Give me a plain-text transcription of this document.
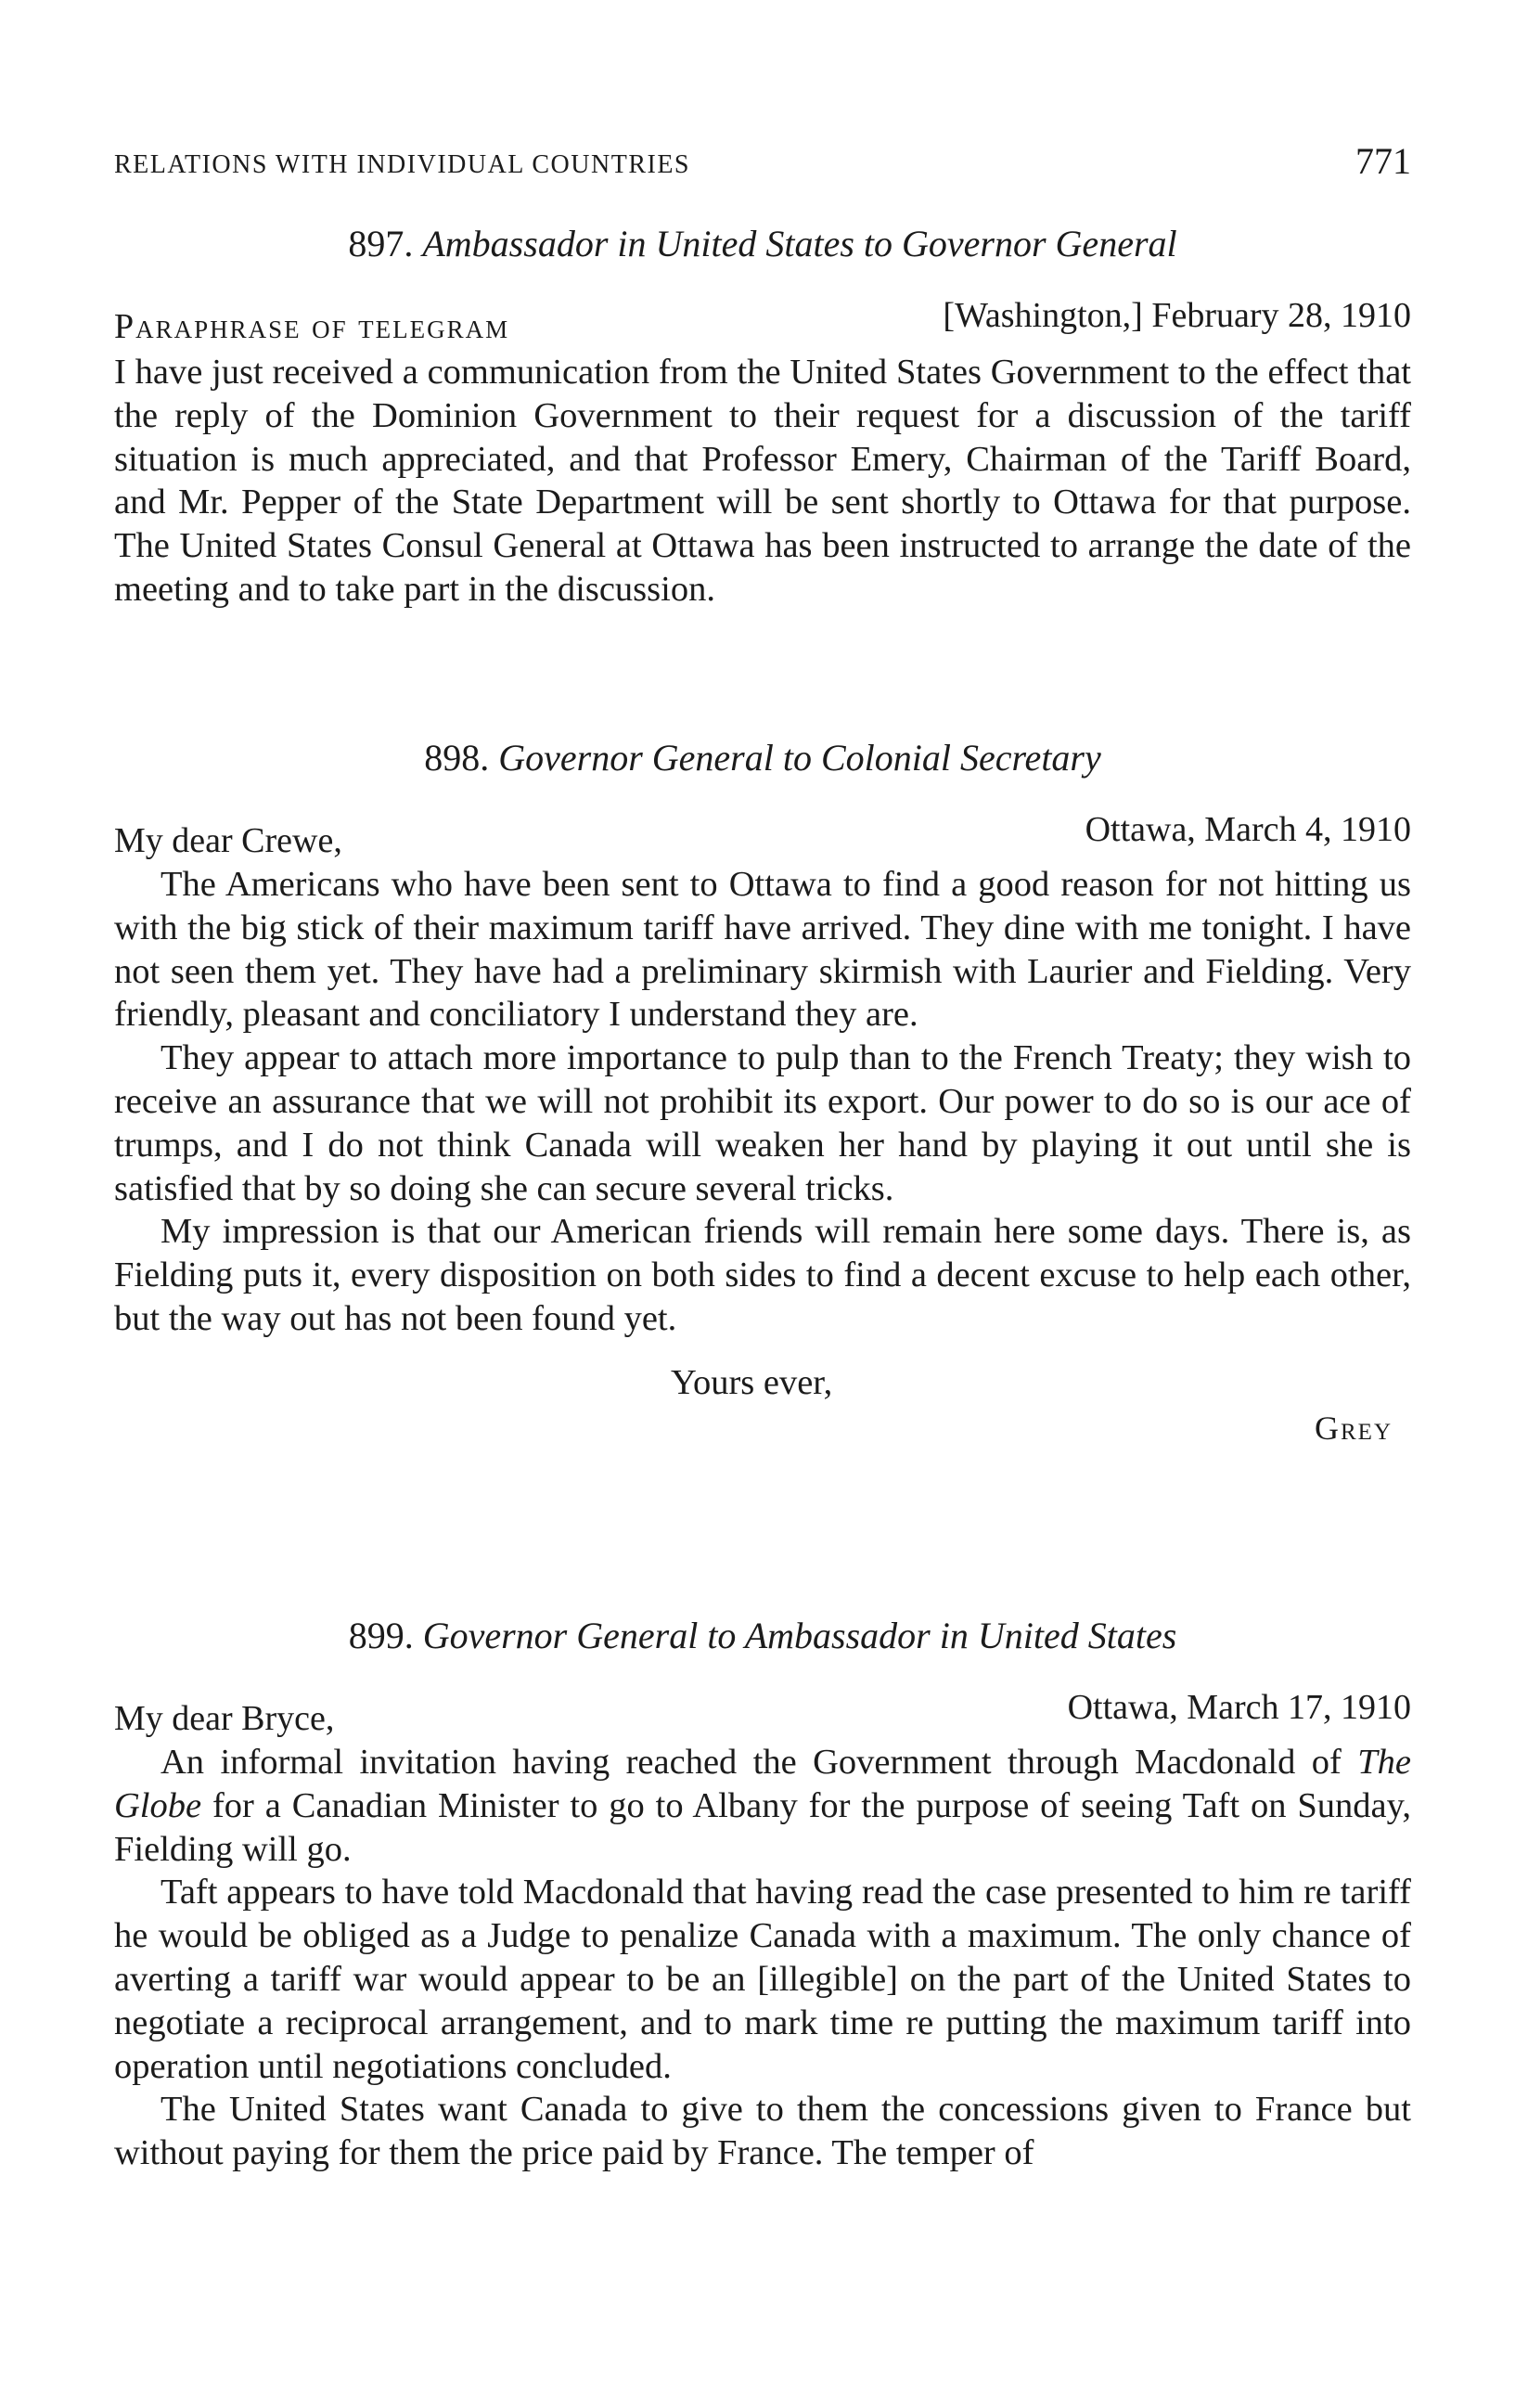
RELATIONS WITH INDIVIDUAL COUNTRIES	771

897. Ambassador in United States to Governor General

Paraphrase of telegram	[Washington,] February 28, 1910

I have just received a communication from the United States Government to the effect that the reply of the Dominion Government to their request for a discussion of the tariff situation is much appreciated, and that Professor Emery, Chairman of the Tariff Board, and Mr. Pepper of the State Department will be sent shortly to Ottawa for that purpose. The United States Consul General at Ottawa has been instructed to arrange the date of the meeting and to take part in the discussion.

898. Governor General to Colonial Secretary

My dear Crewe,	Ottawa, March 4, 1910

The Americans who have been sent to Ottawa to find a good reason for not hitting us with the big stick of their maximum tariff have arrived. They dine with me tonight. I have not seen them yet. They have had a preliminary skirmish with Laurier and Fielding. Very friendly, pleasant and conciliatory I understand they are.

They appear to attach more importance to pulp than to the French Treaty; they wish to receive an assurance that we will not prohibit its export. Our power to do so is our ace of trumps, and I do not think Canada will weaken her hand by playing it out until she is satisfied that by so doing she can secure several tricks.

My impression is that our American friends will remain here some days. There is, as Fielding puts it, every disposition on both sides to find a decent excuse to help each other, but the way out has not been found yet.

Yours ever,

Grey

899. Governor General to Ambassador in United States

My dear Bryce,	Ottawa, March 17, 1910

An informal invitation having reached the Government through Macdonald of The Globe for a Canadian Minister to go to Albany for the purpose of seeing Taft on Sunday, Fielding will go.

Taft appears to have told Macdonald that having read the case presented to him re tariff he would be obliged as a Judge to penalize Canada with a maximum. The only chance of averting a tariff war would appear to be an [illegible] on the part of the United States to negotiate a reciprocal arrangement, and to mark time re putting the maximum tariff into operation until negotiations concluded.

The United States want Canada to give to them the concessions given to France but without paying for them the price paid by France. The temper of
